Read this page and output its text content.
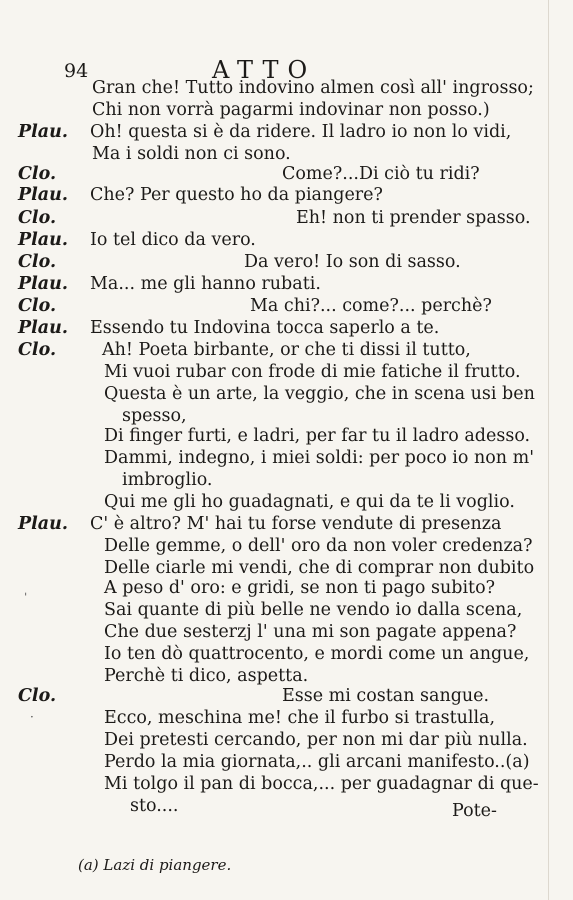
94	ATTO
Gran che! Tutto indovino almen così all' ingrosso;
Chi non vorrà pagarmi indovinar non posso.)
Plau. Oh! questa si è da ridere. Il ladro io non lo vidi,
Ma i soldi non ci sono.
Clo.	Come?...Di ciò tu ridi?
Plau. Che? Per questo ho da piangere?
Clo.	Eh! non ti prender spasso.
Plau. Io tel dico da vero.
Clo.	Da vero! Io son di sasso.
Plau. Ma... me gli hanno rubati.
Clo.	Ma chi?... come?... perchè?
Plau. Essendo tu Indovina tocca saperlo a te.
Clo.	Ah! Poeta birbante, or che ti dissi il tutto,
Mi vuoi rubar con frode di mie fatiche il frutto.
Questa è un arte, la veggio, che in scena usi ben
spesso,
Di finger furti, e ladri, per far tu il ladro adesso.
Dammi, indegno, i miei soldi: per poco io non m'
imbroglio.
Qui me gli ho guadagnati, e qui da te li voglio.
Plau. C' è altro? M' hai tu forse vendute di presenza
Delle gemme, o dell' oro da non voler credenza?
Delle ciarle mi vendi, che di comprar non dubito
A peso d' oro: e gridi, se non ti pago subito?
Sai quante di più belle ne vendo io dalla scena,
Che due sesterzj l' una mi son pagate appena?
Io ten dò quattrocento, e mordi come un angue,
Perchè ti dico, aspetta.
Clo.	Esse mi costan sangue.
Ecco, meschina me! che il furbo si trastulla,
Dei pretesti cercando, per non mi dar più nulla.
Perdo la mia giornata,.. gli arcani manifesto..(a)
Mi tolgo il pan di bocca,... per guadagnar di que-
sto....	Pote-
(a) Lazi di piangere.
ˌ
·
